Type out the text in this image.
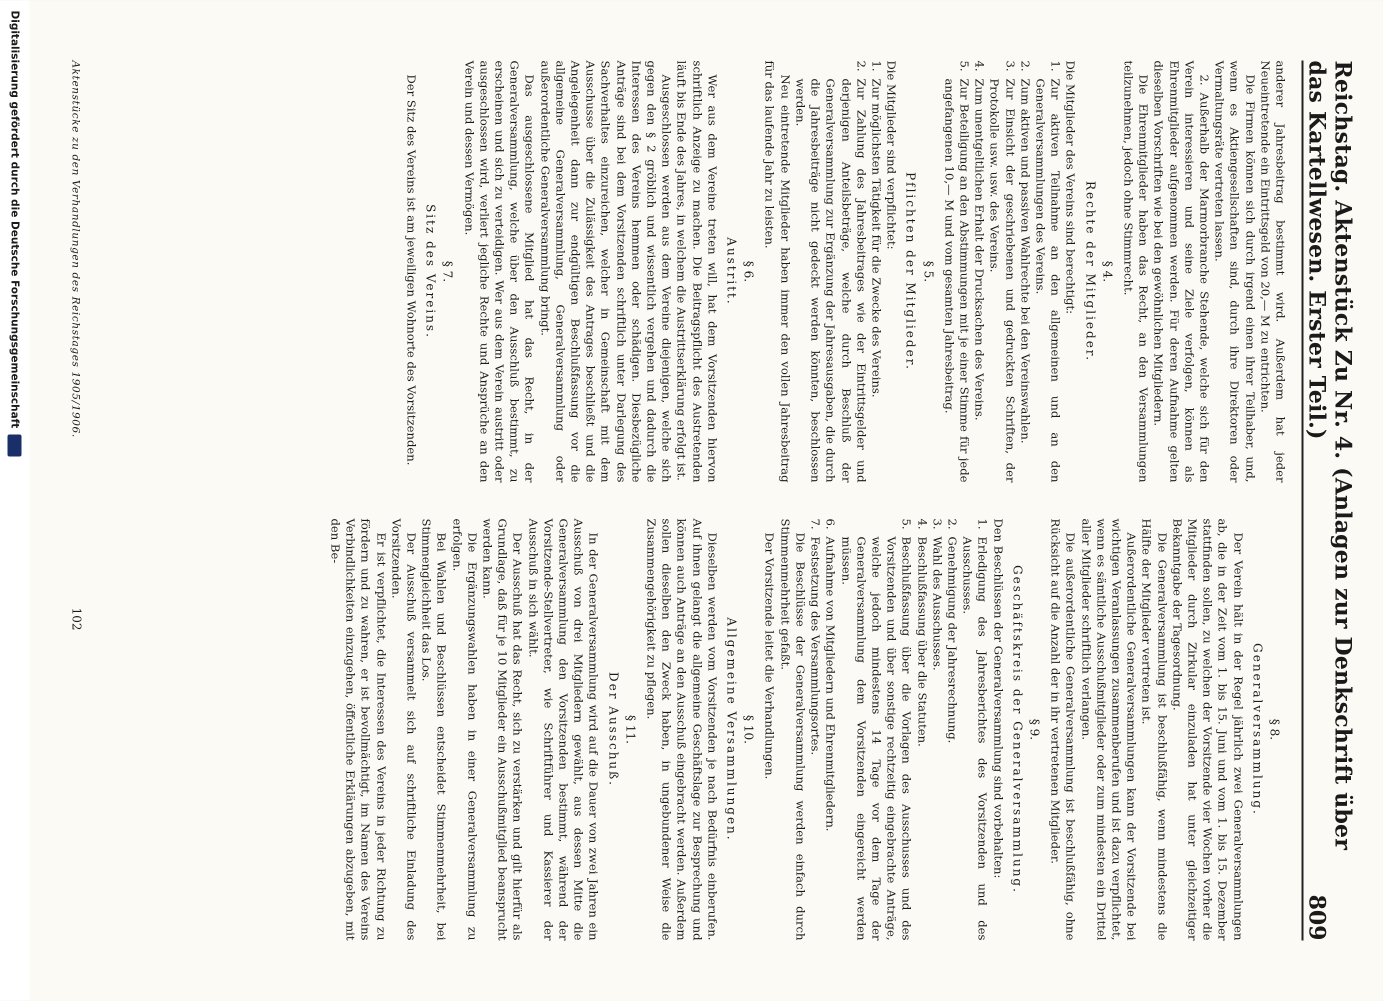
Reichstag. Aktenstück Zu Nr. 4. (Anlagen zur Denkschrift über das Kartellwesen. Erster Teil.)
809

anderer Jahresbeitrag bestimmt wird. Außerdem hat jeder Neueintretende ein Eintrittsgeld von 20,— M zu entrichten.

Die Firmen können sich durch irgend einen ihrer Teilhaber, und, wenn es Aktiengesellschaften sind, durch ihre Direktoren oder Vermaltungsräte vertreten lassen.

2. Außerhalb der Marmorbranche Stehende, welche sich für den Verein interessieren und seine Ziele verfolgen, können als Ehrenmitglieder aufgenommen werden. Für deren Aufnahme gelten dieselben Vorschriften wie bei den gewöhnlichen Mitgliedern.

Die Ehrenmitglieder haben das Recht, an den Versammlungen teilzunehmen, jedoch ohne Stimmrecht.

§ 4.
Rechte der Mitglieder.

Die Mitglieder des Vereins sind berechtigt:

1.
Zur aktiven Teilnahme an den allgemeinen und an den Generalversammlungen des Vereins.
2.
Zum aktiven und passiven Wahlrechte bei den Vereinswahlen.
3.
Zur Einsicht der geschriebenen und gedruckten Schriften, der Protokolle usw. usw. des Vereins.
4.
Zum unentgeltlichen Erhalt der Drucksachen des Vereins.
5.
Zur Beteiligung an den Abstimmungen mit je einer Stimme für jede angefangenen 10,— M und vom gesamten Jahresbeitrag.
§ 5.
Pflichten der Mitglieder.

Die Mitglieder sind verpflichtet:

1.
Zur möglichsten Tätigkeit für die Zwecke des Vereins.
2.
Zur Zahlung des Jahresbeitrages wie der Eintrittsgelder und derjenigen Anteilsbeträge, welche durch Beschluß der Generalversammlung zur Ergänzung der Jahresausgaben, die durch die Jahresbeiträge nicht gedeckt werden könnten, beschlossen werden.

Neu eintretende Mitglieder haben immer den vollen Jahresbeitrag für das laufende Jahr zu leisten.

§ 6.
Austritt.

Wer aus dem Vereine treten will, hat dem Vorsitzenden hiervon schriftlich Anzeige zu machen. Die Beitragspflicht des Austretenden läuft bis Ende des Jahres, in welchem die Austrittserklärung erfolgt ist.

Ausgeschlossen werden aus dem Vereine diejenigen, welche sich gegen den § 2 gröblich und wissentlich vergehen und dadurch die Interessen des Vereins hemmen oder schädigen. Diesbezügliche Anträge sind bei dem Vorsitzenden schriftlich unter Darlegung des Sachverhaltes einzureichen, welcher in Gemeinschaft mit dem Ausschusse über die Zulässigkeit des Antrages beschließt und die Angelegenheit dann zur endgültigen Beschlußfassung vor die allgemeine Generalversammlung, Generalversammlung oder außerordentliche Generalversammlung bringt.

Das ausgeschlossene Mitglied hat das Recht, in der Generalversammlung, welche über den Ausschluß bestimmt, zu erscheinen und sich zu verteidigen. Wer aus dem Verein austritt oder ausgeschlossen wird, verliert jegliche Rechte und Ansprüche an den Verein und dessen Vermögen.

§ 7.
Sitz des Vereins.

Der Sitz des Vereins ist am jeweiligen Wohnorte des Vorsitzenden.

§ 8.
Generalversammlung.

Der Verein hält in der Regel jährlich zwei Generalversammlungen ab, die in der Zeit vom 1. bis 15. Juni und vom 1. bis 15. Dezember stattfinden sollen, zu welchen der Vorsitzende vier Wochen vorher die Mitglieder durch Zirkular einzuladen hat unter gleichzeitiger Bekanntgabe der Tagesordnung.

Die Generalversammlung ist beschlußfähig, wenn mindestens die Hälfte der Mitglieder vertreten ist.

Außerordentliche Generalversammlungen kann der Vorsitzende bei wichtigen Veranlassungen zusammenberufen und ist dazu verpflichtet, wenn es sämtliche Ausschußmitglieder oder zum mindesten ein Drittel aller Mitglieder schriftlich verlangen.

Die außerordentliche Generalversammlung ist beschlußfähig, ohne Rücksicht auf die Anzahl der in ihr vertretenen Mitglieder.

§ 9.
Geschäftskreis der Generalversammlung.

Den Beschlüssen der Generalversammlung sind vorbehalten:

1.
Erledigung des Jahresberichtes des Vorsitzenden und des Ausschusses.
2.
Genehmigung der Jahresrechnung.
3.
Wahl des Ausschusses.
4.
Beschlußfassung über die Statuten.
5.
Beschlußfassung über die Vorlagen des Ausschusses und des Vorsitzenden und über sonstige rechtzeitig eingebrachte Anträge, welche jedoch mindestens 14 Tage vor dem Tage der Generalversammlung dem Vorsitzenden eingereicht werden müssen.
6.
Aufnahme von Mitgliedern und Ehrenmitgliedern.
7.
Festsetzung des Versammlungsortes.

Die Beschlüsse der Generalversammlung werden einfach durch Stimmenmehrheit gefaßt.

Der Vorsitzende leitet die Verhandlungen.

§ 10.
Allgemeine Versammlungen.

Dieselben werden vom Vorsitzenden je nach Bedürfnis einberufen. Auf ihnen gelangt die allgemeine Geschäftslage zur Besprechung und können auch Anträge an den Ausschuß eingebracht werden. Außerdem sollen dieselben den Zweck haben, in ungebundener Weise die Zusammengehörigkeit zu pflegen.

§ 11.
Der Ausschuß.

In der Generalversammlung wird auf die Dauer von zwei Jahren ein Ausschuß von drei Mitgliedern gewählt, aus dessen Mitte die Generalversammlung den Vorsitzenden bestimmt, während der Vorsitzende-Stellvertreter, wie Schriftführer und Kassierer der Ausschuß in sich wählt.

Der Ausschuß hat das Recht, sich zu verstärken und gilt hierfür als Grundlage, daß für je 10 Mitglieder ein Ausschußmitglied beansprucht werden kann.

Die Ergänzungswahlen haben in einer Generalversammlung zu erfolgen.

Bei Wahlen und Beschlüssen entscheidet Stimmenmehrheit, bei Stimmengleichheit das Los.

Der Ausschuß versammelt sich auf schriftliche Einladung des Vorsitzenden.

Er ist verpflichtet, die Interessen des Vereins in jeder Richtung zu fördern und zu wahren, er ist bevollmächtigt, im Namen des Vereins Verbindlichkeiten einzugehen, öffentliche Erklärungen abzugeben, mit den Be-

Aktenstücke zu den Verhandlungen des Reichstages 1905/1906.
102
Digitalisierung gefördert durch die Deutsche Forschungsgemeinschaft
